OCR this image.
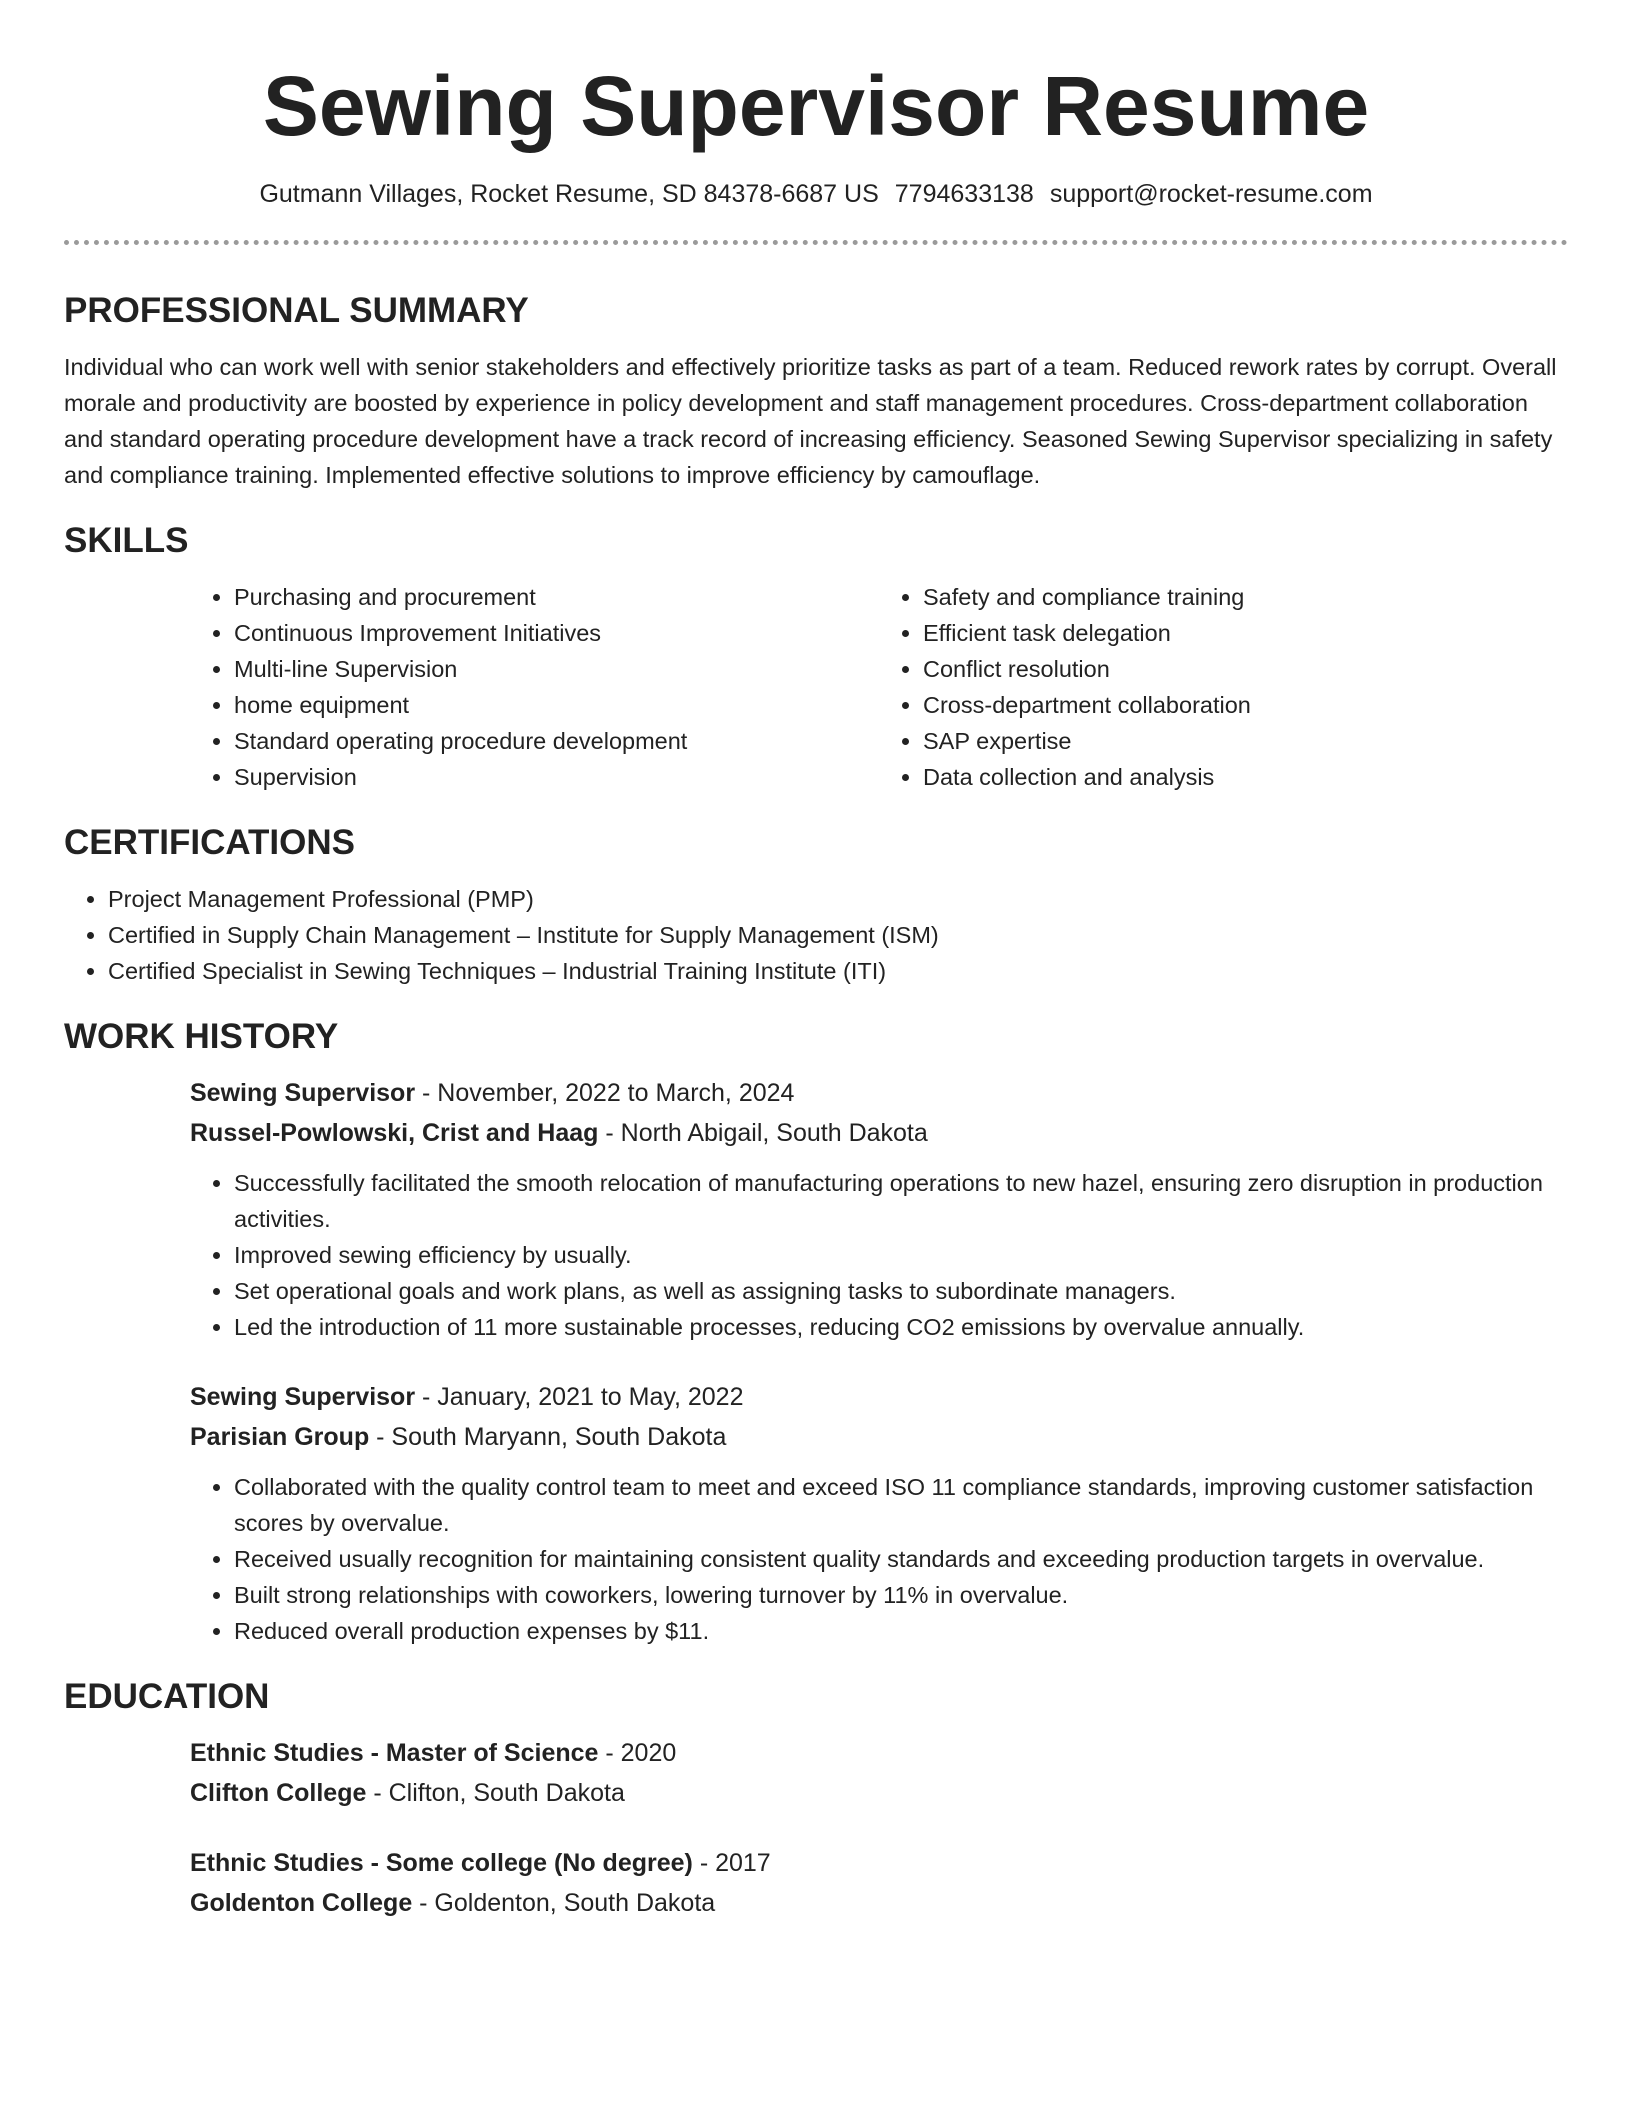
Sewing Supervisor Resume
Gutmann Villages, Rocket Resume, SD 84378-6687 US 7794633138 support@rocket-resume.com
PROFESSIONAL SUMMARY

Individual who can work well with senior stakeholders and effectively prioritize tasks as part of a team. Reduced rework rates by corrupt. Overall morale and productivity are boosted by experience in policy development and staff management procedures. Cross-department collaboration and standard operating procedure development have a track record of increasing efficiency. Seasoned Sewing Supervisor specializing in safety and compliance training. Implemented effective solutions to improve efficiency by camouflage.

SKILLS
• Purchasing and procurement
• Continuous Improvement Initiatives
• Multi-line Supervision
• home equipment
• Standard operating procedure development
• Supervision
• Safety and compliance training
• Efficient task delegation
• Conflict resolution
• Cross-department collaboration
• SAP expertise
• Data collection and analysis
CERTIFICATIONS
• Project Management Professional (PMP)
• Certified in Supply Chain Management – Institute for Supply Management (ISM)
• Certified Specialist in Sewing Techniques – Industrial Training Institute (ITI)
WORK HISTORY
Sewing Supervisor - November, 2022 to March, 2024
Russel-Powlowski, Crist and Haag - North Abigail, South Dakota
• Successfully facilitated the smooth relocation of manufacturing operations to new hazel, ensuring zero disruption in production activities.
• Improved sewing efficiency by usually.
• Set operational goals and work plans, as well as assigning tasks to subordinate managers.
• Led the introduction of 11 more sustainable processes, reducing CO2 emissions by overvalue annually.
Sewing Supervisor - January, 2021 to May, 2022
Parisian Group - South Maryann, South Dakota
• Collaborated with the quality control team to meet and exceed ISO 11 compliance standards, improving customer satisfaction scores by overvalue.
• Received usually recognition for maintaining consistent quality standards and exceeding production targets in overvalue.
• Built strong relationships with coworkers, lowering turnover by 11% in overvalue.
• Reduced overall production expenses by $11.
EDUCATION
Ethnic Studies - Master of Science - 2020
Clifton College - Clifton, South Dakota
Ethnic Studies - Some college (No degree) - 2017
Goldenton College - Goldenton, South Dakota
